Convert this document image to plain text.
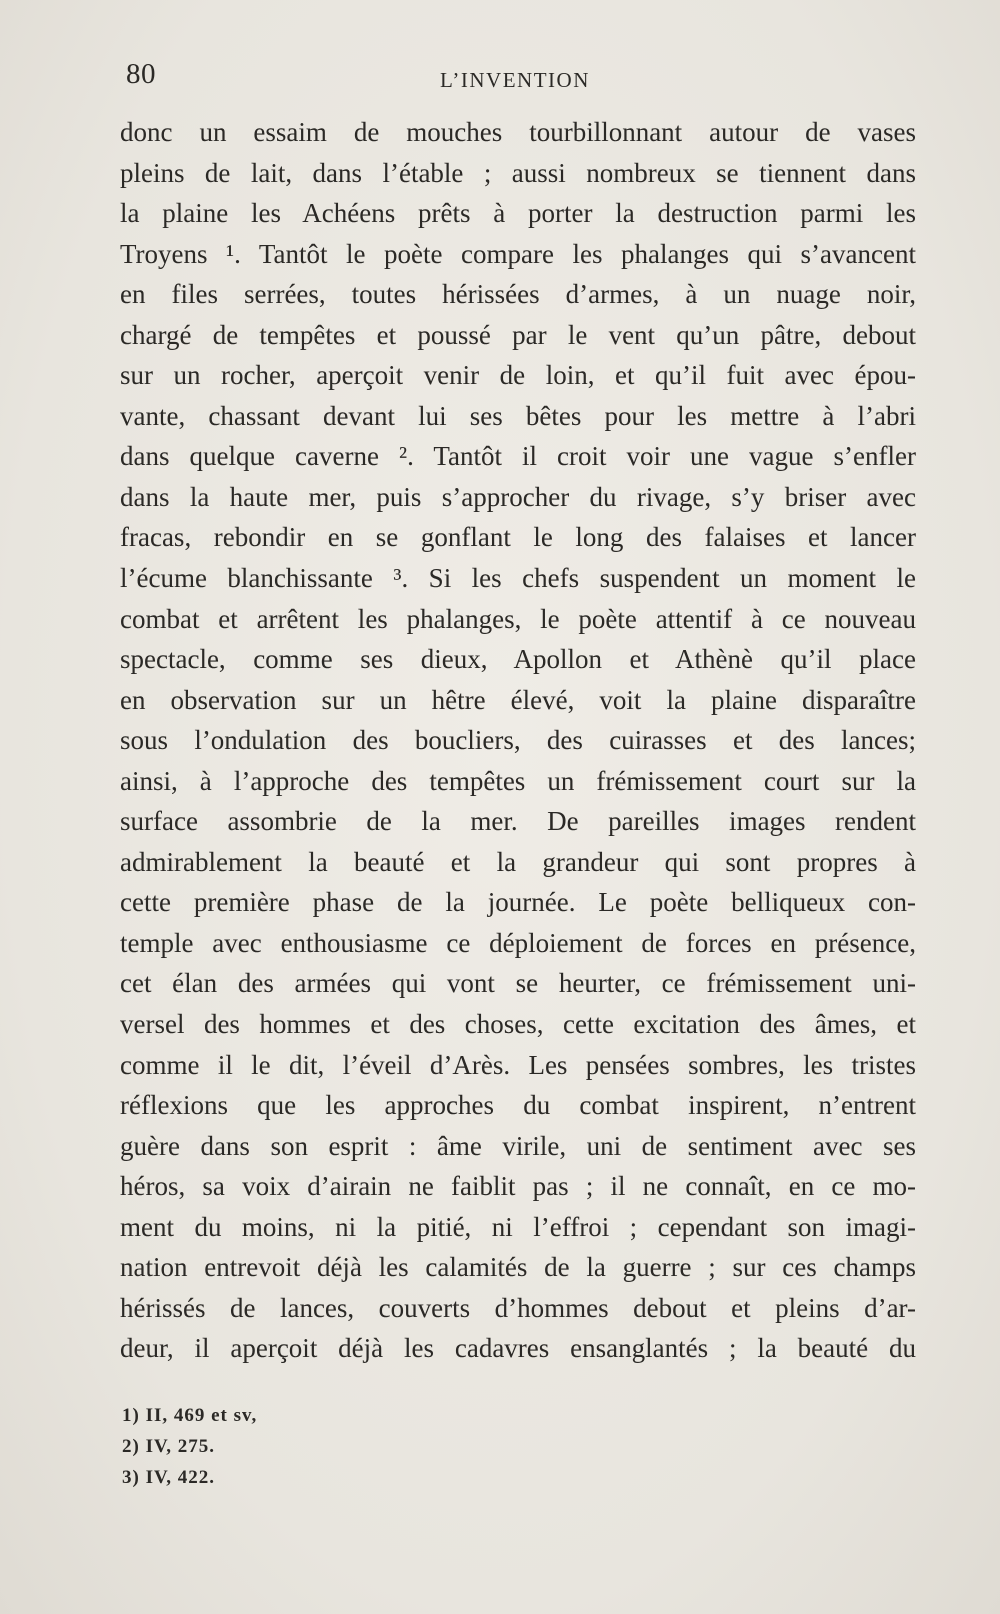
80	L’INVENTION
donc un essaim de mouches tourbillonnant autour de vases
pleins de lait, dans l’étable ; aussi nombreux se tiennent dans
la plaine les Achéens prêts à porter la destruction parmi les
Troyens ¹. Tantôt le poète compare les phalanges qui s’avancent
en files serrées, toutes hérissées d’armes, à un nuage noir,
chargé de tempêtes et poussé par le vent qu’un pâtre, debout
sur un rocher, aperçoit venir de loin, et qu’il fuit avec épou-
vante, chassant devant lui ses bêtes pour les mettre à l’abri
dans quelque caverne ². Tantôt il croit voir une vague s’enfler
dans la haute mer, puis s’approcher du rivage, s’y briser avec
fracas, rebondir en se gonflant le long des falaises et lancer
l’écume blanchissante ³. Si les chefs suspendent un moment le
combat et arrêtent les phalanges, le poète attentif à ce nouveau
spectacle, comme ses dieux, Apollon et Athènè qu’il place
en observation sur un hêtre élevé, voit la plaine disparaître
sous l’ondulation des boucliers, des cuirasses et des lances;
ainsi, à l’approche des tempêtes un frémissement court sur la
surface assombrie de la mer. De pareilles images rendent
admirablement la beauté et la grandeur qui sont propres à
cette première phase de la journée. Le poète belliqueux con-
temple avec enthousiasme ce déploiement de forces en présence,
cet élan des armées qui vont se heurter, ce frémissement uni-
versel des hommes et des choses, cette excitation des âmes, et
comme il le dit, l’éveil d’Arès. Les pensées sombres, les tristes
réflexions que les approches du combat inspirent, n’entrent
guère dans son esprit : âme virile, uni de sentiment avec ses
héros, sa voix d’airain ne faiblit pas ; il ne connaît, en ce mo-
ment du moins, ni la pitié, ni l’effroi ; cependant son imagi-
nation entrevoit déjà les calamités de la guerre ; sur ces champs
hérissés de lances, couverts d’hommes debout et pleins d’ar-
deur, il aperçoit déjà les cadavres ensanglantés ; la beauté du
1) II, 469 et sv,
2) IV, 275.
3) IV, 422.
